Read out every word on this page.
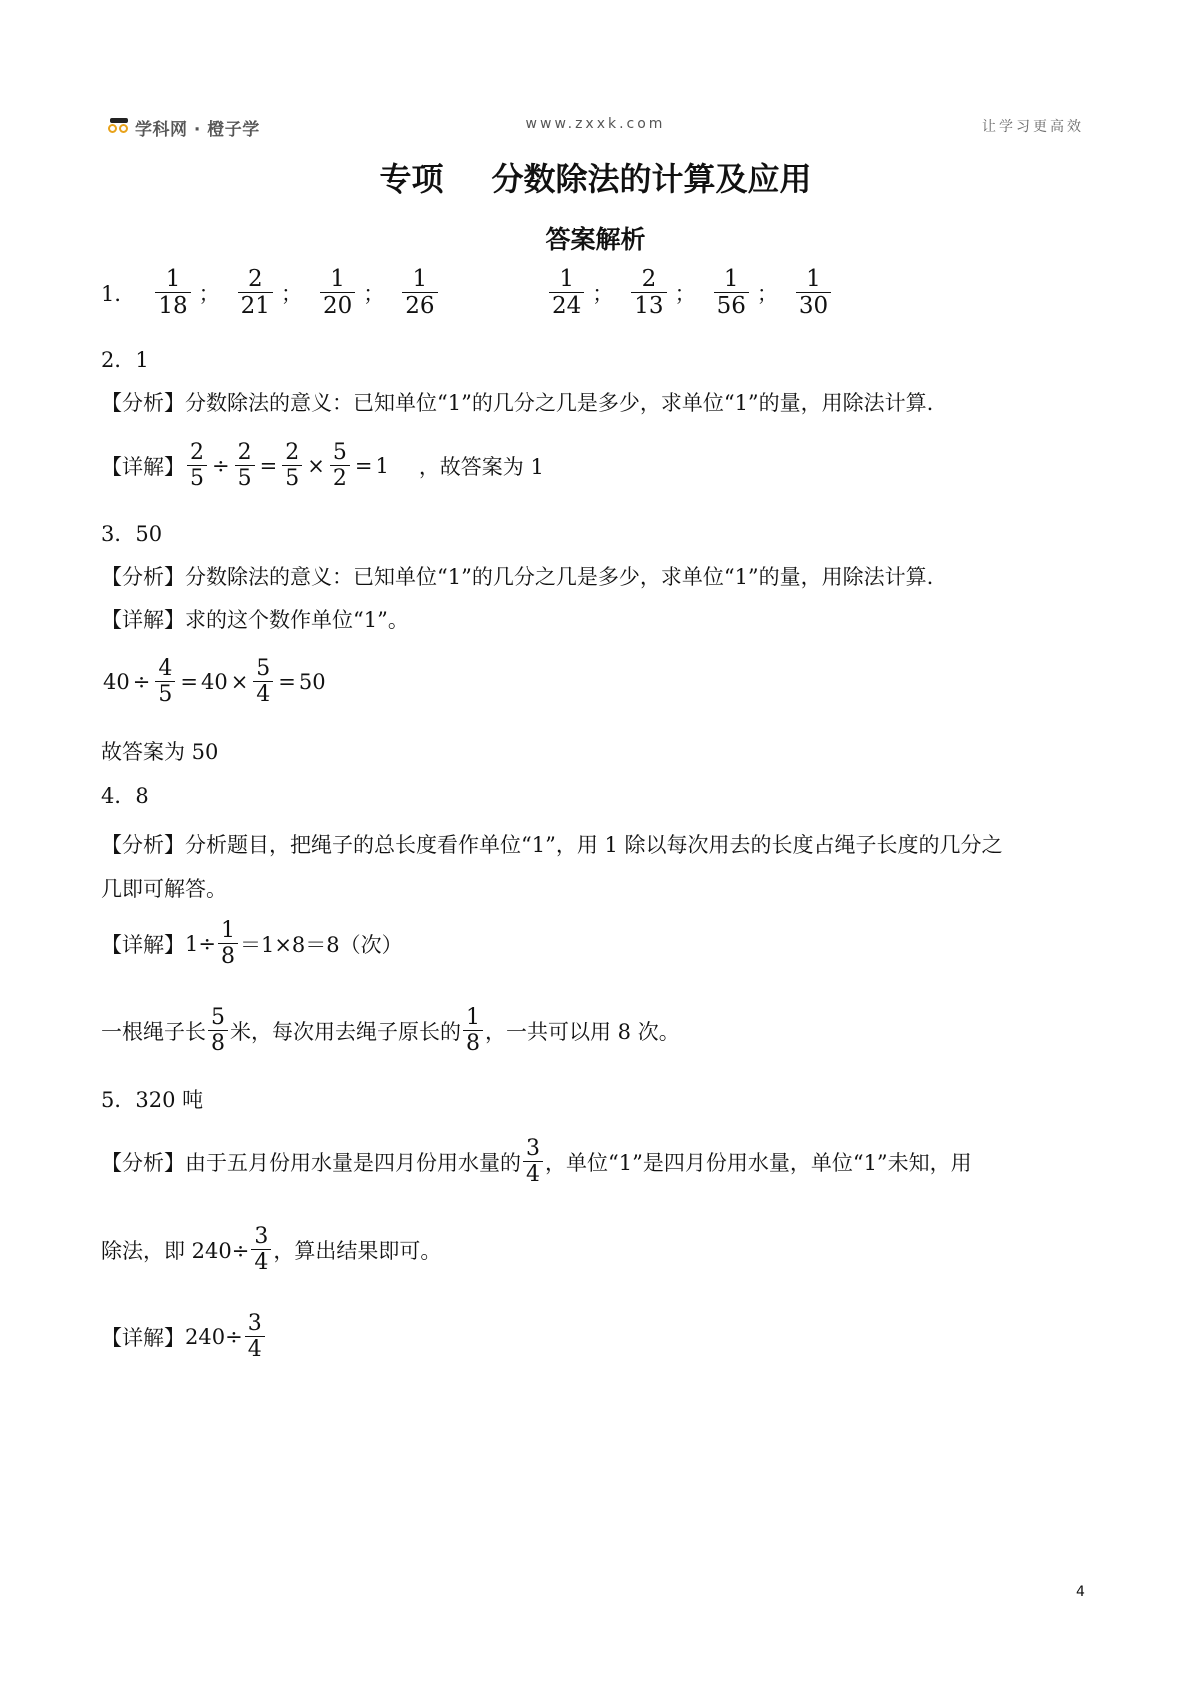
学科网 · 橙子学	www.zxxk.com	让学习更高效
专项 分数除法的计算及应用
答案解析
1． $\frac{1}{18}$ ； $\frac{2}{21}$ ； $\frac{1}{20}$ ； $\frac{1}{26}$	$\frac{1}{24}$ ； $\frac{2}{13}$ ； $\frac{1}{56}$ ； $\frac{1}{30}$
2．1
【分析】分数除法的意义：已知单位“1”的几分之几是多少，求单位“1”的量，用除法计算.
【详解】 $\frac{2}{5} \div \frac{2}{5} = \frac{2}{5} \times \frac{5}{2} = 1$ ，故答案为 1
3．50
【分析】分数除法的意义：已知单位“1”的几分之几是多少，求单位“1”的量，用除法计算.
【详解】求的这个数作单位“1”。
$40 \div \frac{4}{5} = 40 \times \frac{5}{4} = 50$
故答案为 50
4．8
【分析】分析题目，把绳子的总长度看作单位“1”，用 1 除以每次用去的长度占绳子长度的几分之几即可解答。
【详解】 $1\div \frac{1}{8} =1\times 8=8$（次）
一根绳子长 $\frac{5}{8}$ 米，每次用去绳子原长的 $\frac{1}{8}$ ，一共可以用 8 次。
5．320 吨
【分析】 由于五月份用水量是四月份用水量的 $\frac{3}{4}$ ，单位“1”是四月份用水量，单位“1”未知，用
除法，即 $240\div \frac{3}{4}$ ，算出结果即可。
【详解】 $240\div \frac{3}{4}$
4
